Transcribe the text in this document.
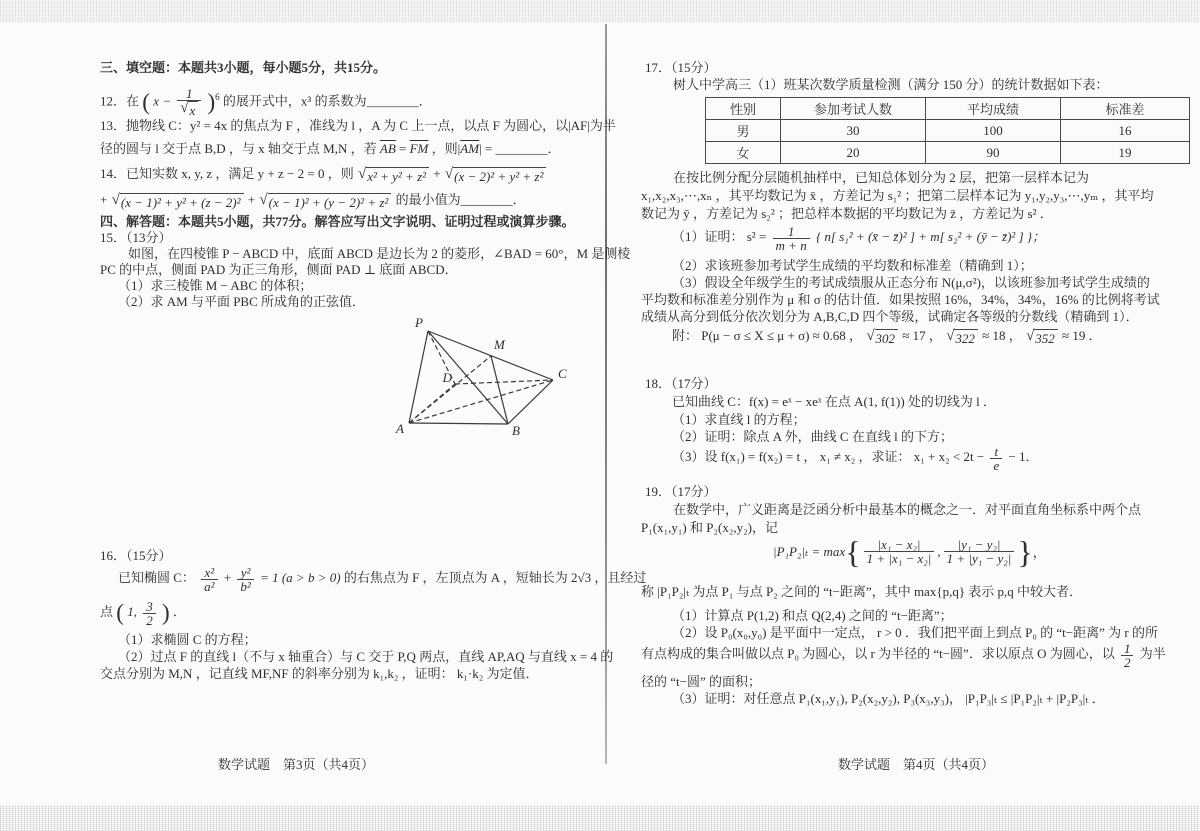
三、填空题：本题共3小题，每小题5分，共15分。
12．在 ( $x - \frac{1}{√ x} )^6$ 的展开式中，x³ 的系数为________．
13．抛物线 C：y² = 4x 的焦点为 F ，准线为 l ，A 为 C 上一点，以点 F 为圆心，以|AF|为半
径的圆与 l 交于点 B,D ，与 x 轴交于点 M,N ，若 $\overline{AB} = \overline{FM}$ ，则$|\overline{AM}|$ = ________．
14．已知实数 x, y, z ，满足 y + z − 2 = 0 ，则 √ x² + y² + z² + √ (x − 2)² + y² + z²
+ √ (x − 1)² + y² + (z − 2)² + √ (x − 1)² + (y − 2)² + z² 的最小值为________．
四、解答题：本题共5小题，共77分。解答应写出文字说明、证明过程或演算步骤。
15．（13分）
如图，在四棱锥 P − ABCD 中，底面 ABCD 是边长为 2 的菱形，∠BAD = 60°，M 是侧棱
PC 的中点，侧面 PAD 为正三角形，侧面 PAD ⊥ 底面 ABCD．
（1）求三棱锥 M − ABC 的体积；
（2）求 AM 与平面 PBC 所成角的正弦值．
P
M
C
D
A	B
16．（15分）
已知椭圆 C： $\frac{\text{x²}}{\text{a²}} + \frac{\text{y²}}{\text{b²}} = 1$ (a > b > 0) 的右焦点为 F ，左顶点为 A ，短轴长为 2√3 ，且经过
点 ( 1, $\frac{3}{2}$ ) ．
（1）求椭圆 C 的方程；
（2）过点 F 的直线 l（不与 x 轴重合）与 C 交于 P,Q 两点，直线 AP,AQ 与直线 x = 4 的
交点分别为 M,N ，记直线 MF,NF 的斜率分别为 k₁,k₂ ，证明： k₁·k₂ 为定值．
数学试题　第3页（共4页）
17．（15分）
树人中学高三（1）班某次数学质量检测（满分 150 分）的统计数据如下表：
性别	参加考试人数	平均成绩	标准差
男	30	100	16
女	20	90	19
在按比例分配分层随机抽样中，已知总体划分为 2 层，把第一层样本记为
x₁,x₂,x₃,⋯,xₙ ，其平均数记为 x̄ ，方差记为 s₁² ；把第二层样本记为 y₁,y₂,y₃,⋯,yₘ ，其平均
数记为 ȳ ，方差记为 s₂² ；把总样本数据的平均数记为 z̄ ，方差记为 s² ．
（1）证明： $s^2 = \frac{1}{m + n}$ { n[ s₁² + (x̄ − z̄)² ] + m[ s₂² + (ȳ − z̄)² ] }；
（2）求该班参加考试学生成绩的平均数和标准差（精确到 1）；
（3）假设全年级学生的考试成绩服从正态分布 N(μ,σ²)，以该班参加考试学生成绩的
平均数和标准差分别作为 μ 和 σ 的估计值．如果按照 16%，34%，34%，16% 的比例将考试
成绩从高分到低分依次划分为 A,B,C,D 四个等级，试确定各等级的分数线（精确到 1）．
附： P(μ − σ ≤ X ≤ μ + σ) ≈ 0.68 ， √ 302 ≈ 17 ， √ 322 ≈ 18 ， √ 352 ≈ 19 ．
18．（17分）
已知曲线 C：f(x) = eˣ − xeˣ 在点 A(1, f(1)) 处的切线为 l ．
（1）求直线 l 的方程；
（2）证明：除点 A 外，曲线 C 在直线 l 的下方；
（3）设 f(x₁) = f(x₂) = t ， x₁ ≠ x₂ ，求证： $x_1 + x_2 < 2t - \frac{t}{e} - 1$．
19．（17分）
在数学中，广义距离是泛函分析中最基本的概念之一．对平面直角坐标系中两个点
P₁(x₁,y₁) 和 P₂(x₂,y₂)，记
|P₁P₂|ₜ = max { $\frac{\text{|x₁ − x₂|}}{\text{1 + |x₁ − x₂|}}$ , $\frac{\text{|y₁ − y₂|}}{\text{1 + |y₁ − y₂|}}$ } ，
称 |P₁P₂|ₜ 为点 P₁ 与点 P₂ 之间的 “t−距离”，其中 max{p,q} 表示 p,q 中较大者．
（1）计算点 P(1,2) 和点 Q(2,4) 之间的 “t−距离”；
（2）设 P₀(x₀,y₀) 是平面中一定点， r > 0 ．我们把平面上到点 P₀ 的 “t−距离” 为 r 的所
有点构成的集合叫做以点 P₀ 为圆心，以 r 为半径的 “t−圆”．求以原点 O 为圆心，以 $\frac{1}{2}$ 为半
径的 “t−圆” 的面积；
（3）证明：对任意点 P₁(x₁,y₁), P₂(x₂,y₂), P₃(x₃,y₃)， |P₁P₃|ₜ ≤ |P₁P₂|ₜ + |P₂P₃|ₜ ．
数学试题　第4页（共4页）
